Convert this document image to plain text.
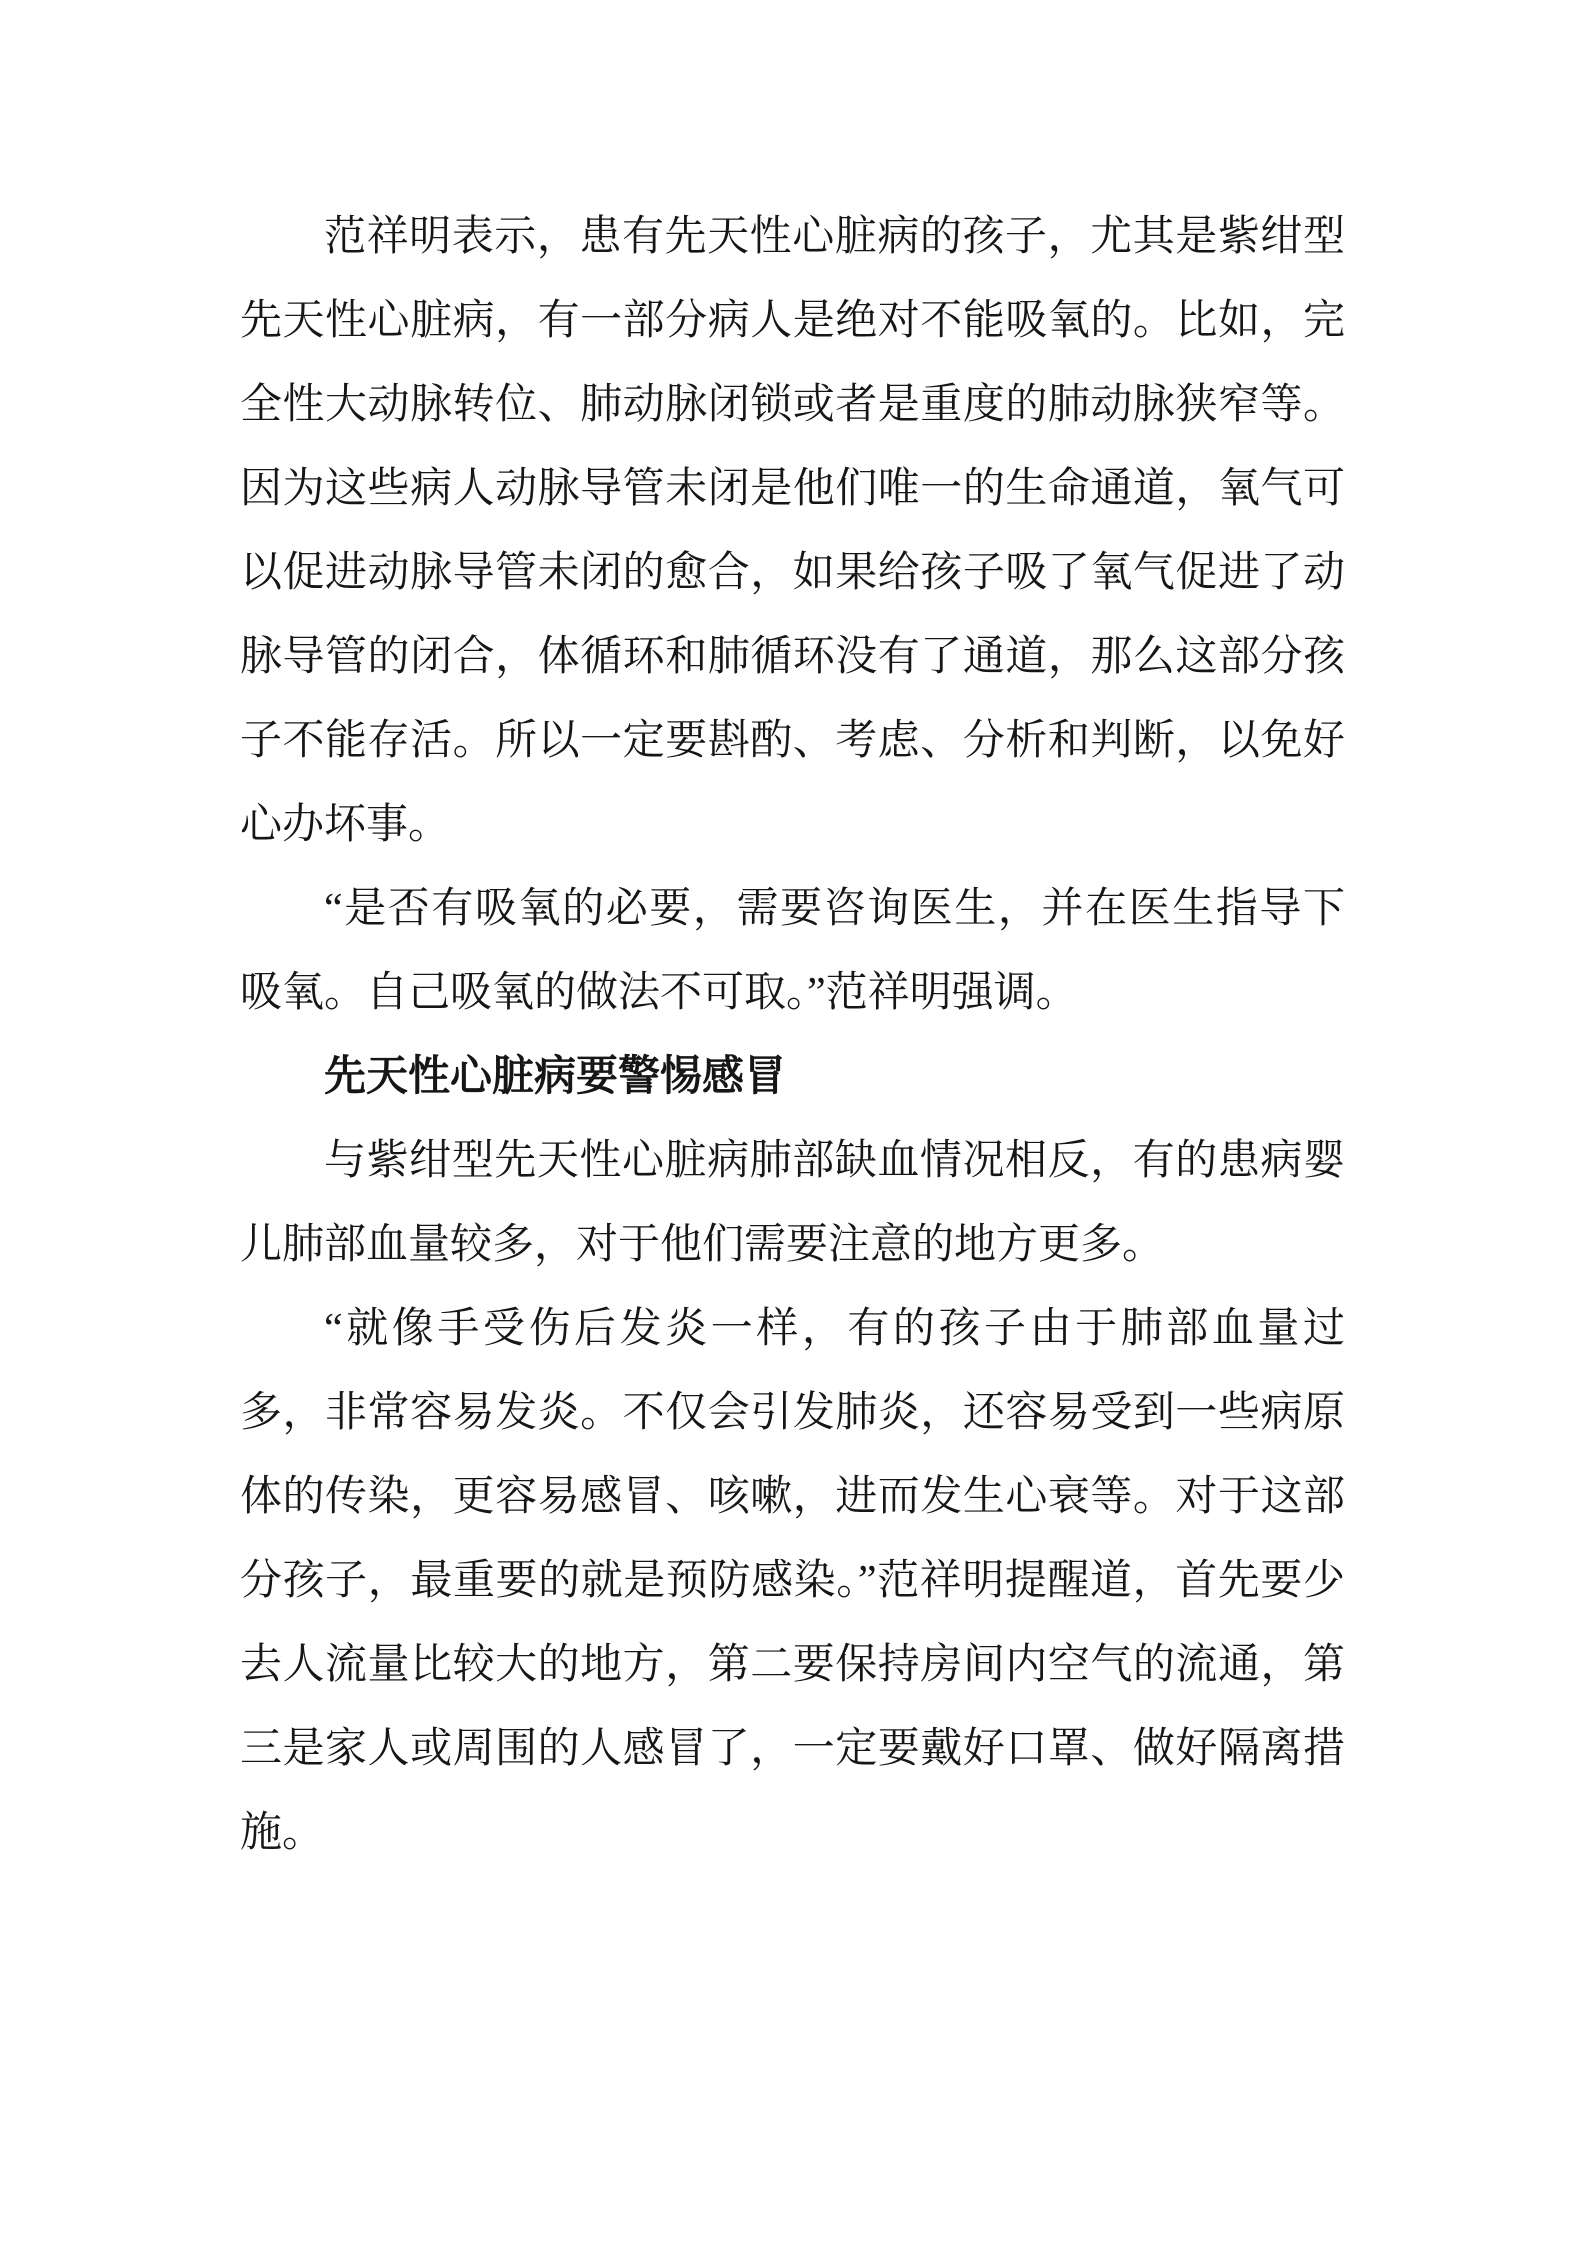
范祥明表示，患有先天性心脏病的孩子，尤其是紫绀型先天性心脏病，有一部分病人是绝对不能吸氧的。比如，完全性大动脉转位、肺动脉闭锁或者是重度的肺动脉狭窄等。因为这些病人动脉导管未闭是他们唯一的生命通道，氧气可以促进动脉导管未闭的愈合，如果给孩子吸了氧气促进了动脉导管的闭合，体循环和肺循环没有了通道，那么这部分孩子不能存活。所以一定要斟酌、考虑、分析和判断，以免好心办坏事。

“是否有吸氧的必要，需要咨询医生，并在医生指导下吸氧。自己吸氧的做法不可取。”范祥明强调。

先天性心脏病要警惕感冒

与紫绀型先天性心脏病肺部缺血情况相反，有的患病婴儿肺部血量较多，对于他们需要注意的地方更多。

“就像手受伤后发炎一样，有的孩子由于肺部血量过多，非常容易发炎。不仅会引发肺炎，还容易受到一些病原体的传染，更容易感冒、咳嗽，进而发生心衰等。对于这部分孩子，最重要的就是预防感染。”范祥明提醒道，首先要少去人流量比较大的地方，第二要保持房间内空气的流通，第三是家人或周围的人感冒了，一定要戴好口罩、做好隔离措施。
